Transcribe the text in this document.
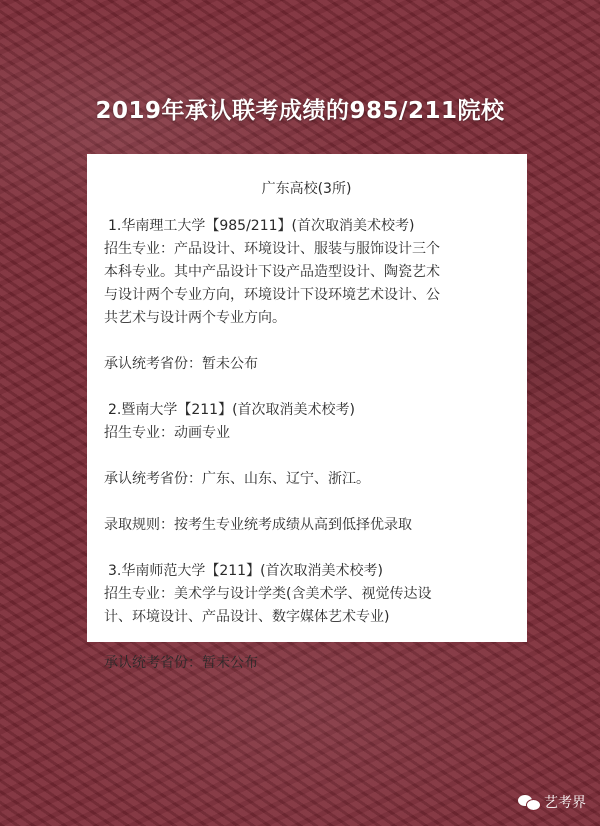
2019年承认联考成绩的985/211院校
广东高校(3所)
1.华南理工大学【985/211】(首次取消美术校考)
招生专业：产品设计、环境设计、服装与服饰设计三个
本科专业。其中产品设计下设产品造型设计、陶瓷艺术
与设计两个专业方向，环境设计下设环境艺术设计、公
共艺术与设计两个专业方向。
承认统考省份：暂未公布
2.暨南大学【211】(首次取消美术校考)
招生专业：动画专业
承认统考省份：广东、山东、辽宁、浙江。
录取规则：按考生专业统考成绩从高到低择优录取
3.华南师范大学【211】(首次取消美术校考)
招生专业：美术学与设计学类(含美术学、视觉传达设
计、环境设计、产品设计、数字媒体艺术专业)
承认统考省份：暂未公布
艺考界
